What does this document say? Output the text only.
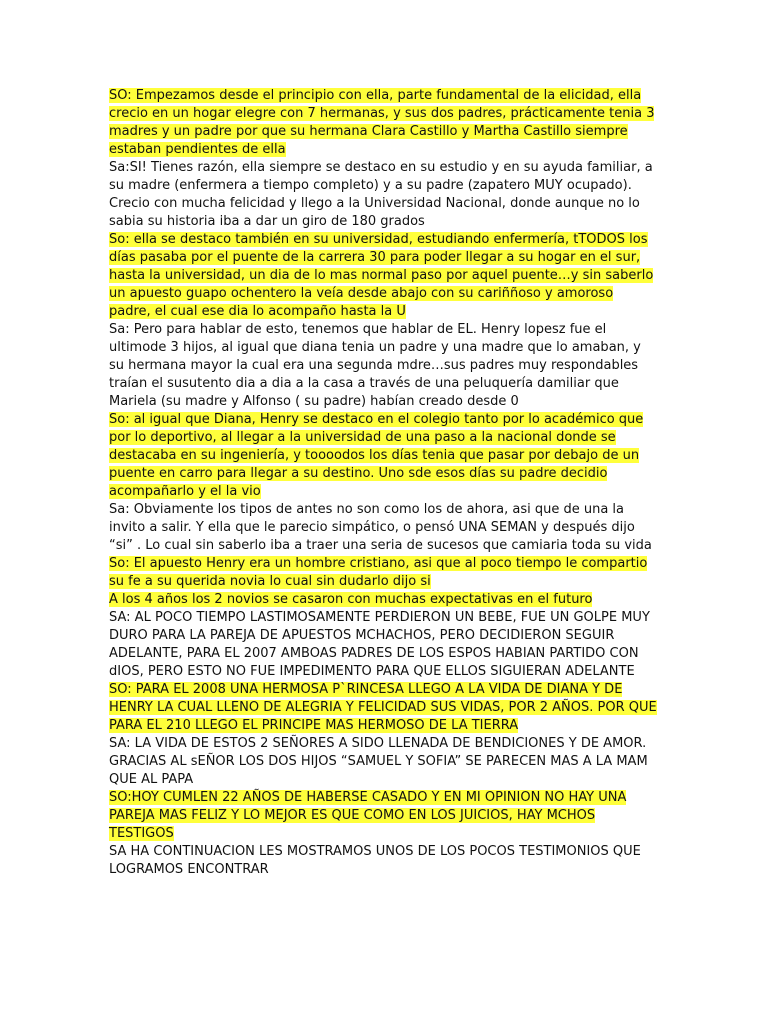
SO: Empezamos desde el principio con ella, parte fundamental de la elicidad, ella crecio en un hogar elegre con 7 hermanas, y sus dos padres, prácticamente tenia 3 madres y un padre por que su hermana Clara Castillo y Martha Castillo siempre estaban pendientes de ella

Sa:SI! Tienes razón, ella siempre se destaco en su estudio y en su ayuda familiar, a su madre (enfermera a tiempo completo) y a su padre (zapatero MUY ocupado). Crecio con mucha felicidad y llego a la Universidad Nacional, donde aunque no lo sabia su historia iba a dar un giro de 180 grados

So: ella se destaco también en su universidad, estudiando enfermería, tTODOS los días pasaba por el puente de la carrera 30 para poder llegar a su hogar en el sur, hasta la universidad, un dia de lo mas normal paso por aquel puente…y sin saberlo un apuesto guapo ochentero la veía desde abajo con su cariññoso y amoroso padre, el cual ese dia lo acompaño hasta la U

Sa: Pero para hablar de esto, tenemos que hablar de EL. Henry lopesz fue el ultimode 3 hijos, al igual que diana tenia un padre y una madre que lo amaban, y su hermana mayor la cual era una segunda mdre…sus padres muy respondables traían el susutento dia a dia a la casa a través de una peluquería damiliar que Mariela (su madre y Alfonso ( su padre) habían creado desde 0

So: al igual que Diana, Henry se destaco en el colegio tanto por lo académico que por lo deportivo, al llegar a la universidad de una paso a la nacional donde se destacaba en su ingeniería, y toooodos los días tenia que pasar por debajo de un puente en carro para llegar a su destino. Uno sde esos días su padre decidio acompañarlo y el la vio

Sa: Obviamente los tipos de antes no son como los de ahora, asi que de una la invito a salir. Y ella que le parecio simpático, o pensó UNA SEMAN y después dijo “si” . Lo cual sin saberlo iba a traer una seria de sucesos que camiaria toda su vida

So: El apuesto Henry era un hombre cristiano, asi que al poco tiempo le compartio su fe a su querida novia lo cual sin dudarlo dijo si

A los 4 años los 2 novios se casaron con muchas expectativas en el futuro

SA: AL POCO TIEMPO LASTIMOSAMENTE PERDIERON UN BEBE, FUE UN GOLPE MUY DURO PARA LA PAREJA DE APUESTOS MCHACHOS, PERO DECIDIERON SEGUIR ADELANTE, PARA EL 2007 AMBOAS PADRES DE LOS ESPOS HABIAN PARTIDO CON dIOS, PERO ESTO NO FUE IMPEDIMENTO PARA QUE ELLOS SIGUIERAN ADELANTE

SO: PARA EL 2008 UNA HERMOSA P`RINCESA LLEGO A LA VIDA DE DIANA Y DE HENRY LA CUAL LLENO DE ALEGRIA Y FELICIDAD SUS VIDAS, POR 2 AÑOS. POR QUE PARA EL 210 LLEGO EL PRINCIPE MAS HERMOSO DE LA TIERRA

SA: LA VIDA DE ESTOS 2 SEÑORES A SIDO LLENADA DE BENDICIONES Y DE AMOR. GRACIAS AL sEÑOR LOS DOS HIJOS “SAMUEL Y SOFIA” SE PARECEN MAS A LA MAM QUE AL PAPA

SO:HOY CUMLEN 22 AÑOS DE HABERSE CASADO Y EN MI OPINION NO HAY UNA PAREJA MAS FELIZ Y LO MEJOR ES QUE COMO EN LOS JUICIOS, HAY MCHOS TESTIGOS

SA HA CONTINUACION LES MOSTRAMOS UNOS DE LOS POCOS TESTIMONIOS QUE LOGRAMOS ENCONTRAR
